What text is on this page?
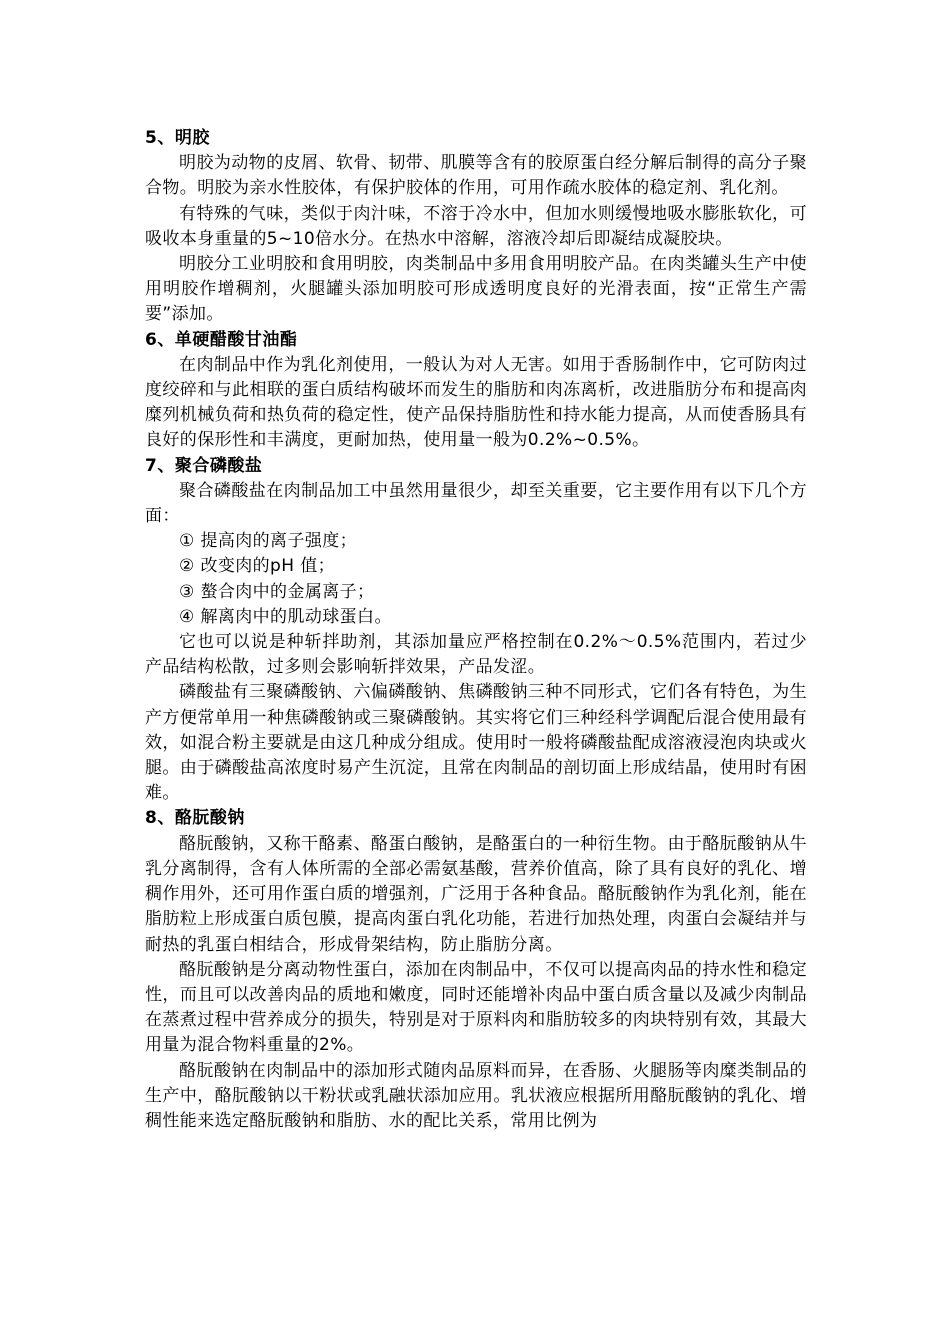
5、明胶

明胶为动物的皮屑、软骨、韧带、肌膜等含有的胶原蛋白经分解后制得的高分子聚合物。明胶为亲水性胶体，有保护胶体的作用，可用作疏水胶体的稳定剂、乳化剂。

有特殊的气味，类似于肉汁味，不溶于冷水中，但加水则缓慢地吸水膨胀软化，可吸收本身重量的5~10倍水分。在热水中溶解，溶液冷却后即凝结成凝胶块。

明胶分工业明胶和食用明胶，肉类制品中多用食用明胶产品。在肉类罐头生产中使用明胶作增稠剂，火腿罐头添加明胶可形成透明度良好的光滑表面，按“正常生产需要”添加。

6、单硬醋酸甘油酯

在肉制品中作为乳化剂使用，一般认为对人无害。如用于香肠制作中，它可防肉过度绞碎和与此相联的蛋白质结构破坏而发生的脂肪和肉冻离析，改进脂肪分布和提高肉糜列机械负荷和热负荷的稳定性，使产品保持脂肪性和持水能力提高，从而使香肠具有良好的保形性和丰满度，更耐加热，使用量一般为0.2%~0.5%。

7、聚合磷酸盐

聚合磷酸盐在肉制品加工中虽然用量很少，却至关重要，它主要作用有以下几个方面：

① 提高肉的离子强度；

② 改变肉的pH 值；

③ 螯合肉中的金属离子；

④ 解离肉中的肌动球蛋白。

它也可以说是种斩拌助剂，其添加量应严格控制在0.2%～0.5%范围内，若过少产品结构松散，过多则会影响斩拌效果，产品发涩。

磷酸盐有三聚磷酸钠、六偏磷酸钠、焦磷酸钠三种不同形式，它们各有特色，为生产方便常单用一种焦磷酸钠或三聚磷酸钠。其实将它们三种经科学调配后混合使用最有效，如混合粉主要就是由这几种成分组成。使用时一般将磷酸盐配成溶液浸泡肉块或火腿。由于磷酸盐高浓度时易产生沉淀，且常在肉制品的剖切面上形成结晶，使用时有困难。

8、酪朊酸钠

酪朊酸钠，又称干酪素、酪蛋白酸钠，是酪蛋白的一种衍生物。由于酪朊酸钠从牛乳分离制得，含有人体所需的全部必需氨基酸，营养价值高，除了具有良好的乳化、增稠作用外，还可用作蛋白质的增强剂，广泛用于各种食品。酪朊酸钠作为乳化剂，能在脂肪粒上形成蛋白质包膜，提高肉蛋白乳化功能，若进行加热处理，肉蛋白会凝结并与耐热的乳蛋白相结合，形成骨架结构，防止脂肪分离。

酪朊酸钠是分离动物性蛋白，添加在肉制品中，不仅可以提高肉品的持水性和稳定性，而且可以改善肉品的质地和嫩度，同时还能增补肉品中蛋白质含量以及减少肉制品在蒸煮过程中营养成分的损失，特别是对于原料肉和脂肪较多的肉块特别有效，其最大用量为混合物料重量的2%。

酪朊酸钠在肉制品中的添加形式随肉品原料而异，在香肠、火腿肠等肉糜类制品的生产中，酪朊酸钠以干粉状或乳融状添加应用。乳状液应根据所用酪朊酸钠的乳化、增稠性能来选定酪朊酸钠和脂肪、水的配比关系，常用比例为
